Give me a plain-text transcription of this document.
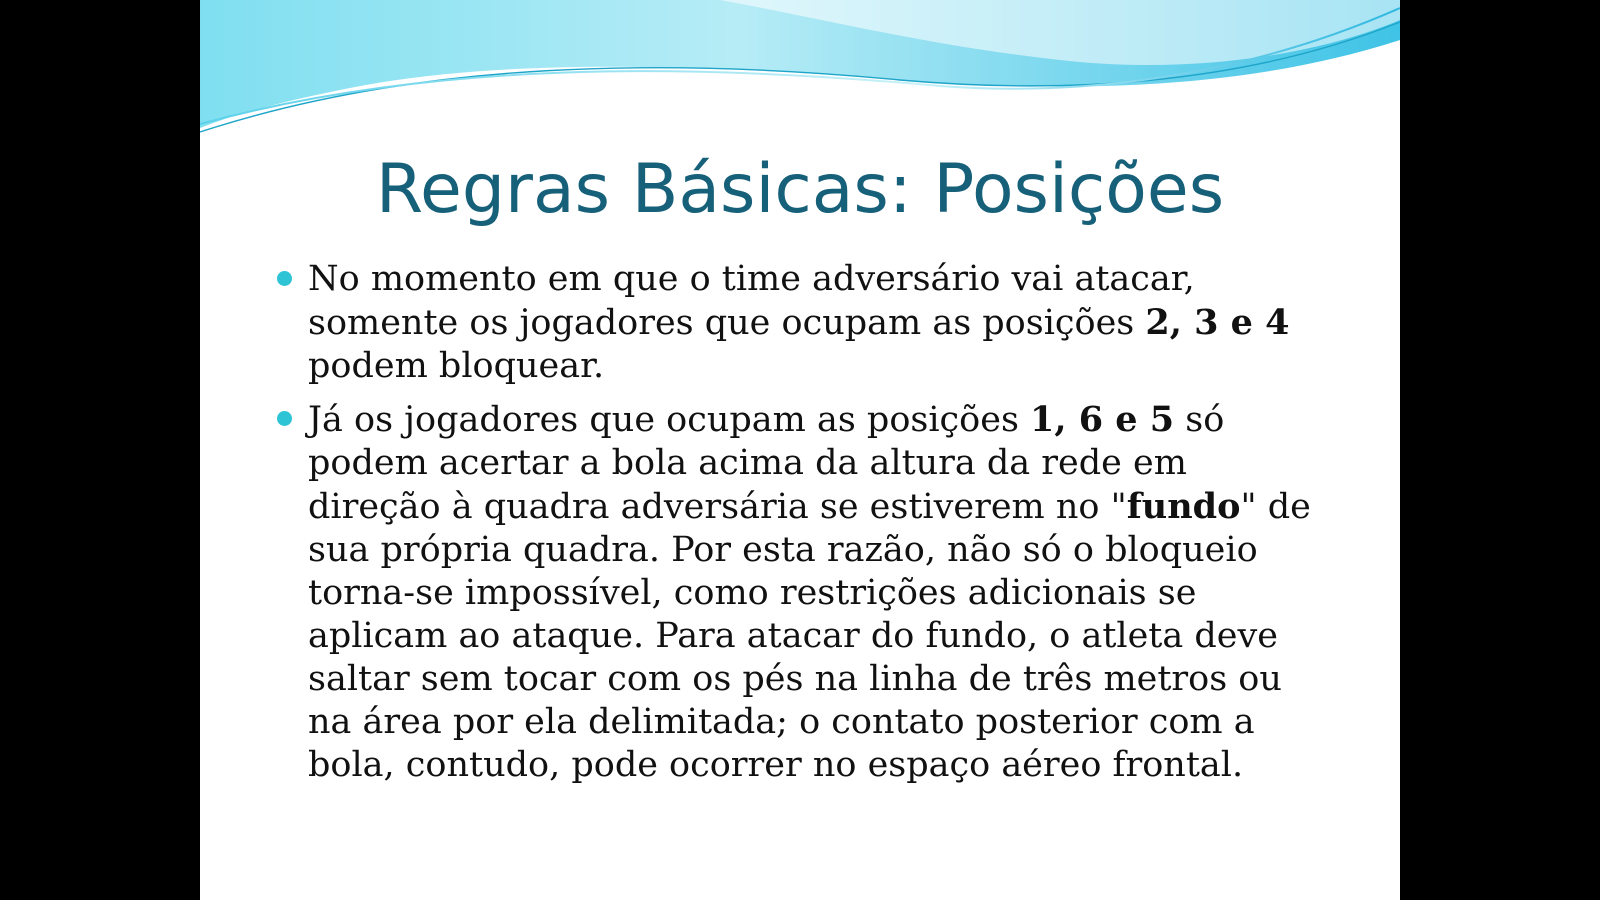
Regras Básicas: Posições
No momento em que o time adversário vai atacar, somente os jogadores que ocupam as posições 2, 3 e 4 podem bloquear.
Já os jogadores que ocupam as posições 1, 6 e 5 só podem acertar a bola acima da altura da rede em direção à quadra adversária se estiverem no "fundo" de sua própria quadra. Por esta razão, não só o bloqueio torna-se impossível, como restrições adicionais se aplicam ao ataque. Para atacar do fundo, o atleta deve saltar sem tocar com os pés na linha de três metros ou na área por ela delimitada; o contato posterior com a bola, contudo, pode ocorrer no espaço aéreo frontal.
